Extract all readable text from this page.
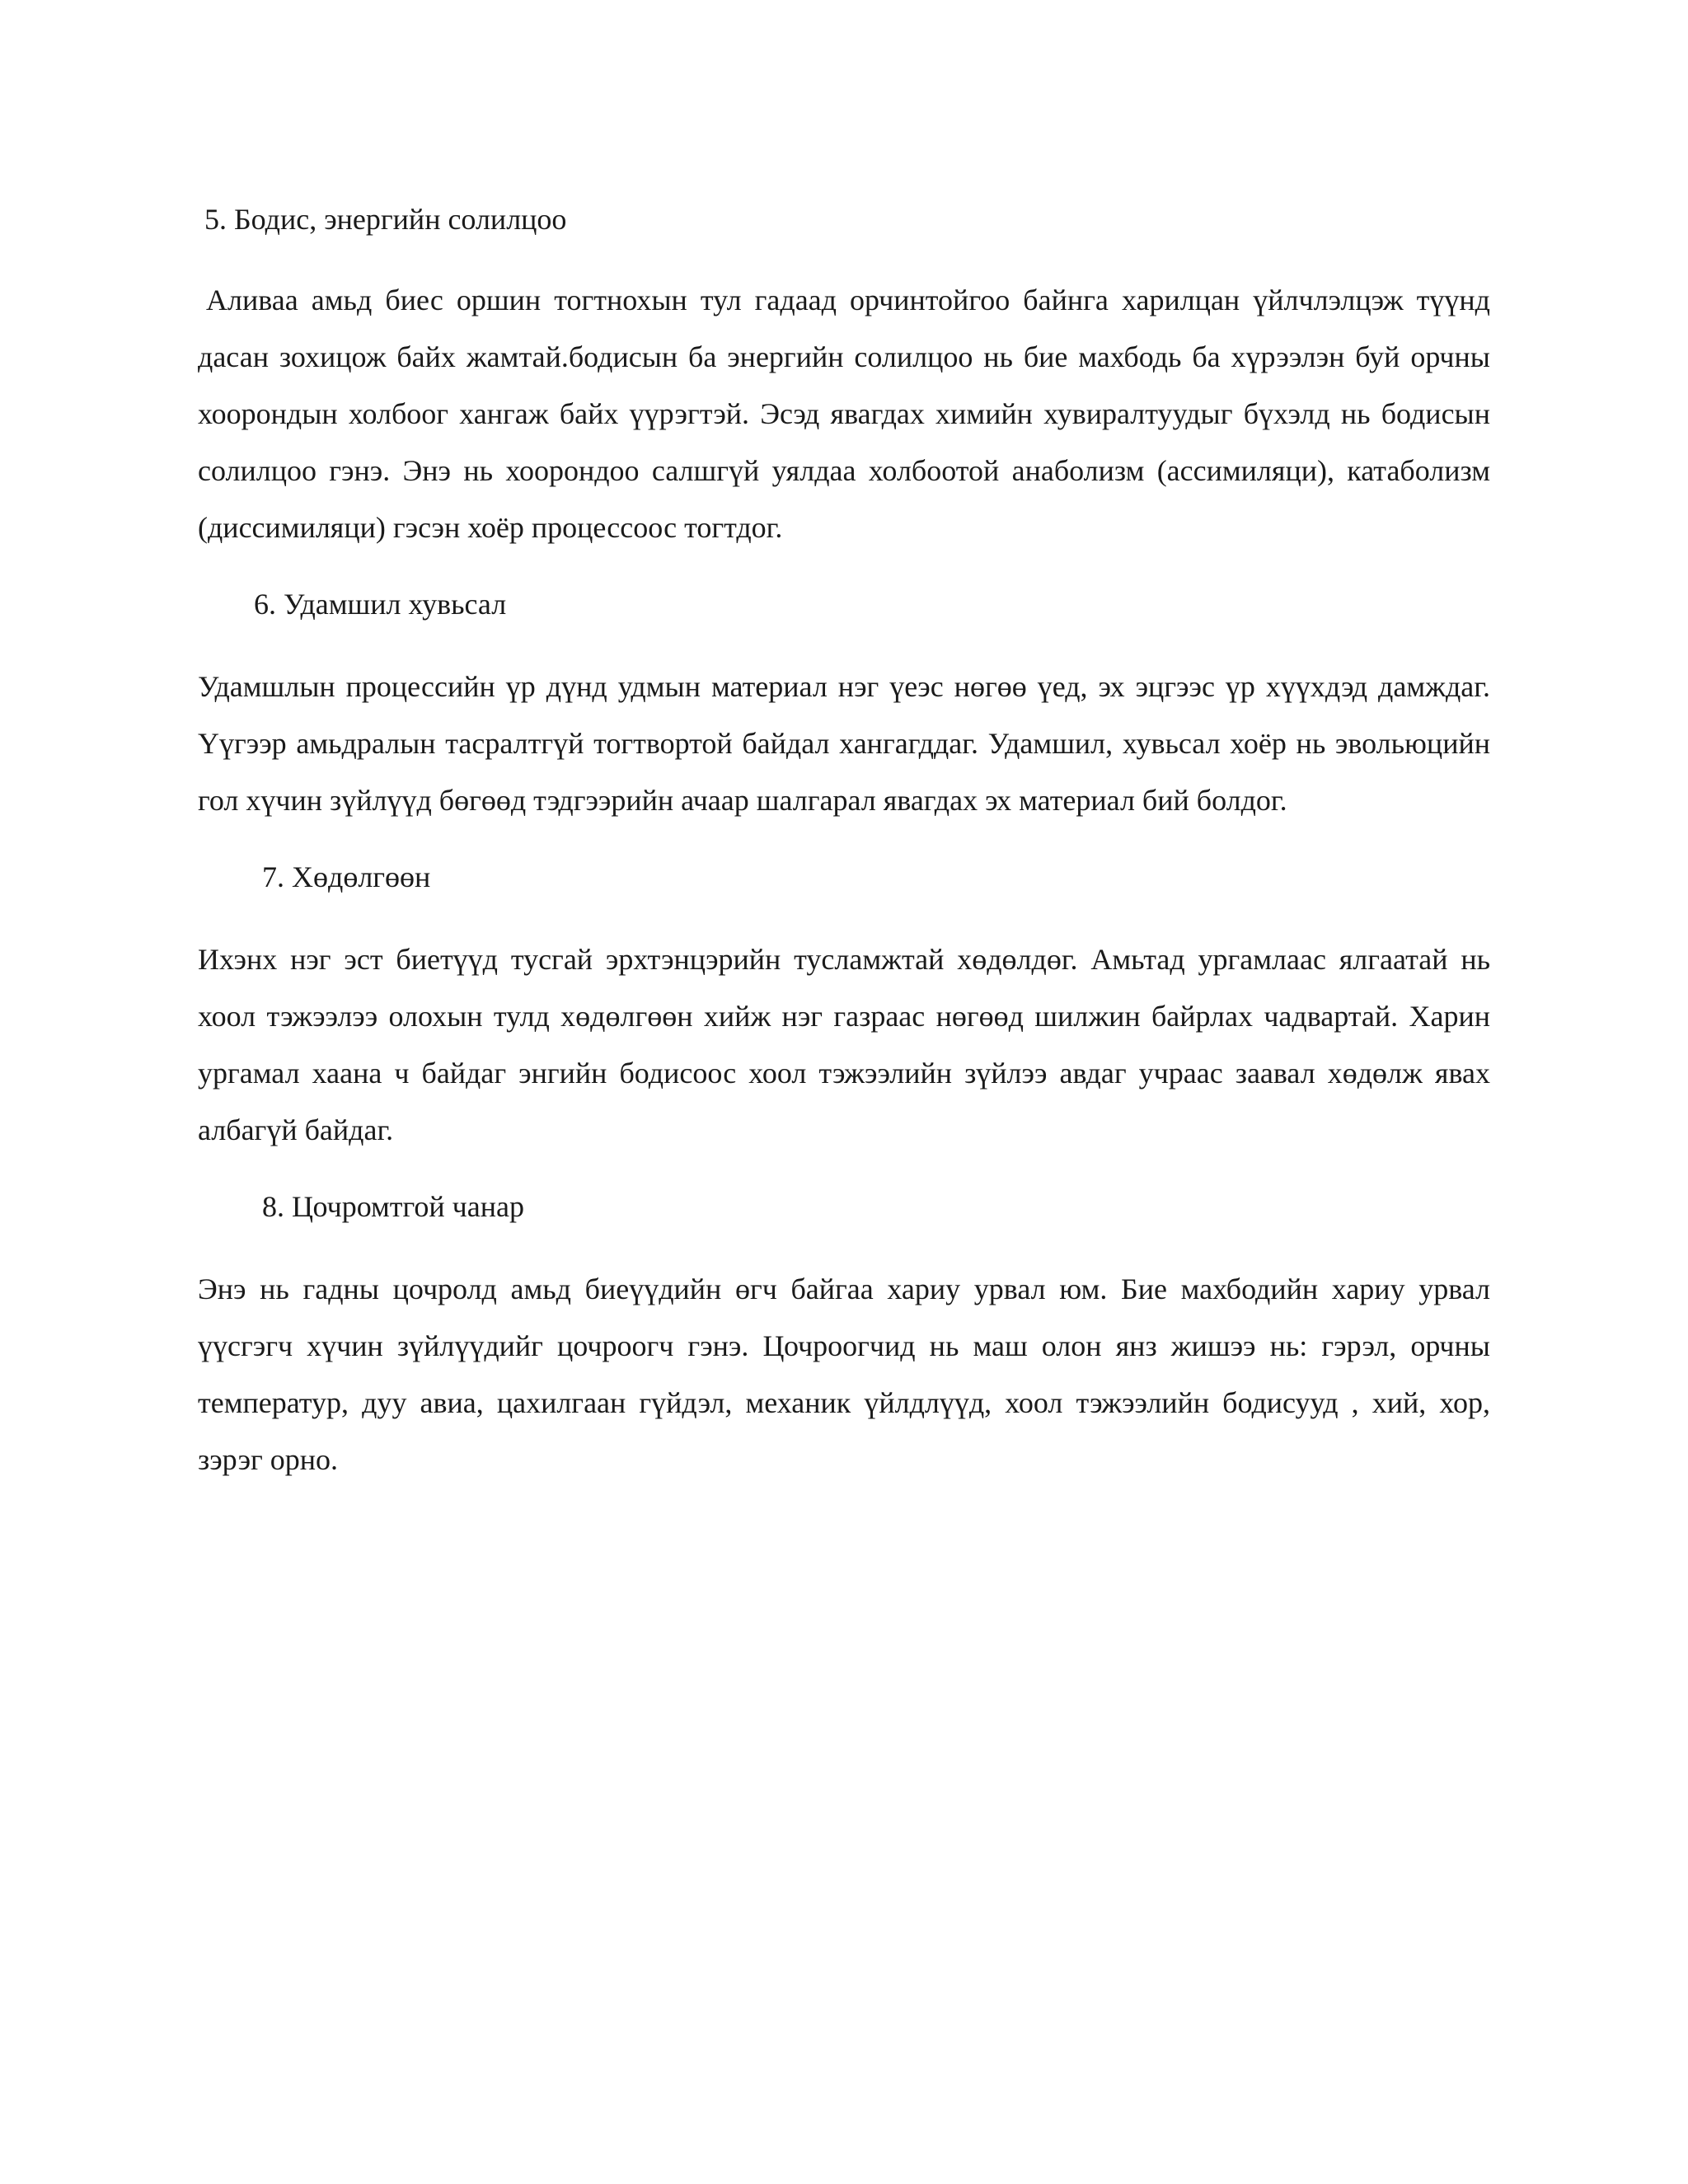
5. Бодис, энергийн солилцоо

Аливаа амьд биес оршин тогтнохын тул гадаад орчинтойгоо байнга харилцан үйлчлэлцэж түүнд дасан зохицож байх жамтай.бодисын ба энергийн солилцоо нь бие махбодь ба хүрээлэн буй орчны хоорондын холбоог хангаж байх үүрэгтэй. Эсэд явагдах химийн хувиралтуудыг бүхэлд нь бодисын солилцоо гэнэ. Энэ нь хоорондоо салшгүй уялдаа холбоотой анаболизм (ассимиляци), катаболизм (диссимиляци) гэсэн хоёр процессоос тогтдог.

6. Удамшил хувьсал

Удамшлын процессийн үр дүнд удмын материал нэг үеэс нөгөө үед, эх эцгээс үр хүүхдэд дамждаг. Үүгээр амьдралын тасралтгүй тогтвортой байдал хангагддаг. Удамшил, хувьсал хоёр нь эвольюцийн гол хүчин зүйлүүд бөгөөд тэдгээрийн ачаар шалгарал явагдах эх материал бий болдог.

7. Хөдөлгөөн

Ихэнх нэг эст биетүүд тусгай эрхтэнцэрийн тусламжтай хөдөлдөг. Амьтад ургамлаас ялгаатай нь хоол тэжээлээ олохын тулд хөдөлгөөн хийж нэг газраас нөгөөд шилжин байрлах чадвартай. Харин ургамал хаана ч байдаг энгийн бодисоос хоол тэжээлийн зүйлээ авдаг учраас заавал хөдөлж явах албагүй байдаг.

8. Цочромтгой чанар

Энэ нь гадны цочролд амьд биеүүдийн өгч байгаа хариу урвал юм. Бие махбодийн хариу урвал үүсгэгч хүчин зүйлүүдийг цочроогч гэнэ. Цочроогчид нь маш олон янз жишээ нь: гэрэл, орчны температур, дуу авиа, цахилгаан гүйдэл, механик үйлдлүүд, хоол тэжээлийн бодисууд , хий, хор, зэрэг орно.
